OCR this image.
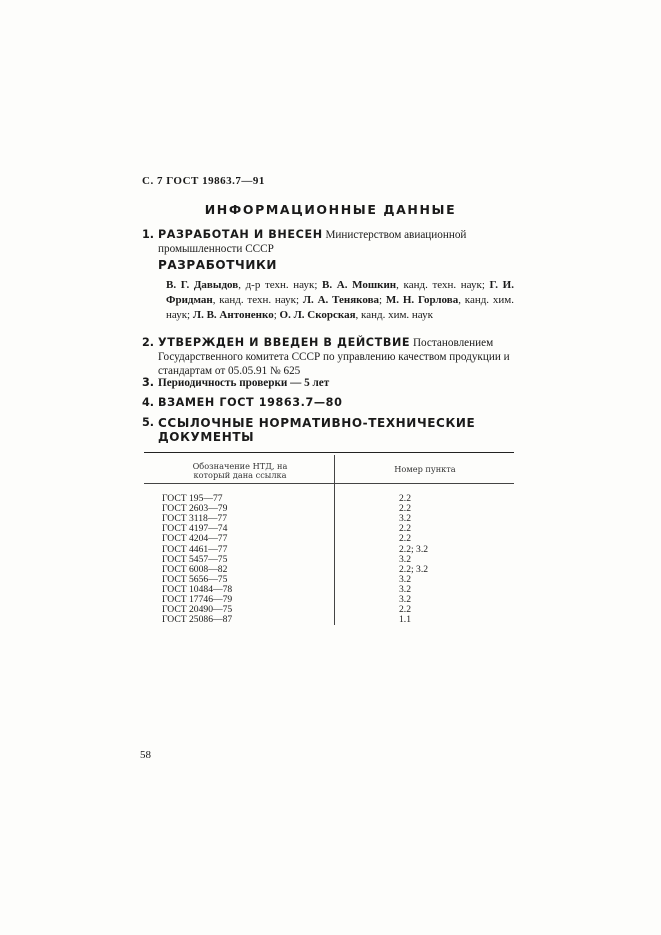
С. 7 ГОСТ 19863.7—91
ИНФОРМАЦИОННЫЕ ДАННЫЕ
1. РАЗРАБОТАН И ВНЕСЕН Министерством авиационной промышленности СССР
РАЗРАБОТЧИКИ
В. Г. Давыдов, д-р техн. наук; В. А. Мошкин, канд. техн. наук; Г. И. Фридман, канд. техн. наук; Л. А. Тенякова; М. Н. Горлова, канд. хим. наук; Л. В. Антоненко; О. Л. Скорская, канд. хим. наук
2. УТВЕРЖДЕН И ВВЕДЕН В ДЕЙСТВИЕ Постановлением Государственного комитета СССР по управлению качеством продукции и стандартам от 05.05.91 № 625
3. Периодичность проверки — 5 лет
4. ВЗАМЕН ГОСТ 19863.7—80
5. ССЫЛОЧНЫЕ НОРМАТИВНО-ТЕХНИЧЕСКИЕ ДОКУМЕНТЫ
Обозначение НТД, на который дана ссылка
Номер пункта
ГОСТ 195—77	2.2
ГОСТ 2603—79	2.2
ГОСТ 3118—77	3.2
ГОСТ 4197—74	2.2
ГОСТ 4204—77	2.2
ГОСТ 4461—77	2.2; 3.2
ГОСТ 5457—75	3.2
ГОСТ 6008—82	2.2; 3.2
ГОСТ 5656—75	3.2
ГОСТ 10484—78	3.2
ГОСТ 17746—79	3.2
ГОСТ 20490—75	2.2
ГОСТ 25086—87	1.1
58
